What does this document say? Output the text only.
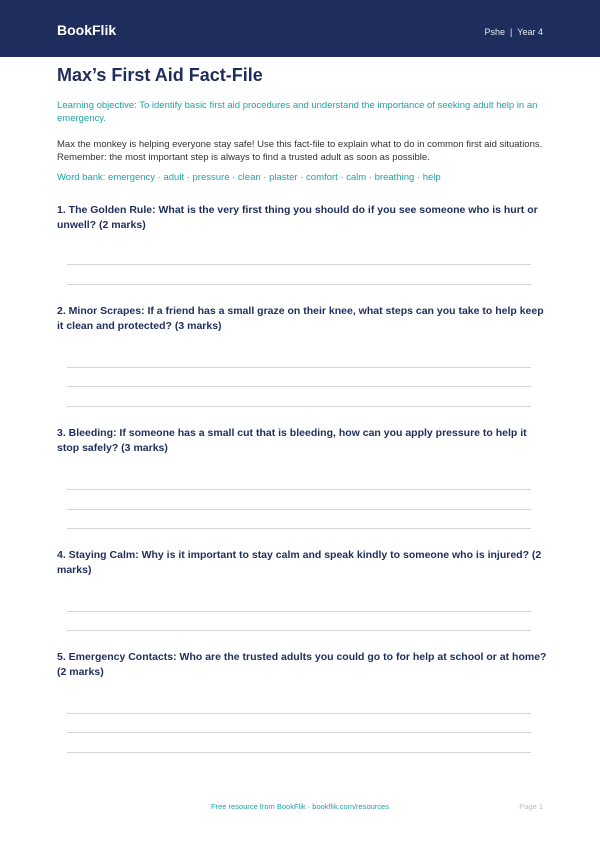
BookFlik	Pshe | Year 4
Max’s First Aid Fact-File
Learning objective: To identify basic first aid procedures and understand the importance of seeking adult help in an emergency.
Max the monkey is helping everyone stay safe! Use this fact-file to explain what to do in common first aid situations. Remember: the most important step is always to find a trusted adult as soon as possible.
Word bank: emergency · adult · pressure · clean · plaster · comfort · calm · breathing · help
1. The Golden Rule: What is the very first thing you should do if you see someone who is hurt or unwell? (2 marks)
2. Minor Scrapes: If a friend has a small graze on their knee, what steps can you take to help keep it clean and protected? (3 marks)
3. Bleeding: If someone has a small cut that is bleeding, how can you apply pressure to help it stop safely? (3 marks)
4. Staying Calm: Why is it important to stay calm and speak kindly to someone who is injured? (2 marks)
5. Emergency Contacts: Who are the trusted adults you could go to for help at school or at home? (2 marks)
Free resource from BookFlik · bookflik.com/resources	Page 1
